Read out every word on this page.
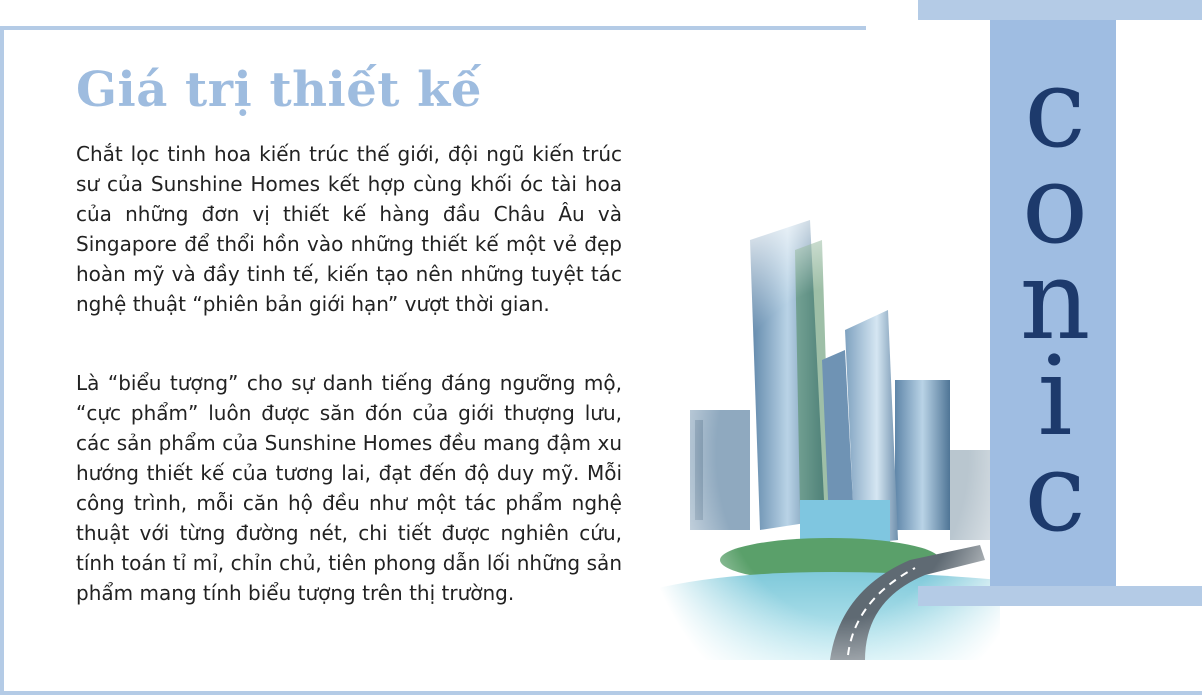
Giá trị thiết kế

Chắt lọc tinh hoa kiến trúc thế giới, đội ngũ kiến trúc sư của Sunshine Homes kết hợp cùng khối óc tài hoa của những đơn vị thiết kế hàng đầu Châu Âu và Singapore để thổi hồn vào những thiết kế một vẻ đẹp hoàn mỹ và đầy tinh tế, kiến tạo nên những tuyệt tác nghệ thuật “phiên bản giới hạn” vượt thời gian.

Là “biểu tượng” cho sự danh tiếng đáng ngưỡng mộ, “cực phẩm” luôn được săn đón của giới thượng lưu, các sản phẩm của Sunshine Homes đều mang đậm xu hướng thiết kế của tương lai, đạt đến độ duy mỹ. Mỗi công trình, mỗi căn hộ đều như một tác phẩm nghệ thuật với từng đường nét, chi tiết được nghiên cứu, tính toán tỉ mỉ, chỉn chủ, tiên phong dẫn lối những sản phẩm mang tính biểu tượng trên thị trường.

c
o
n
i
c
